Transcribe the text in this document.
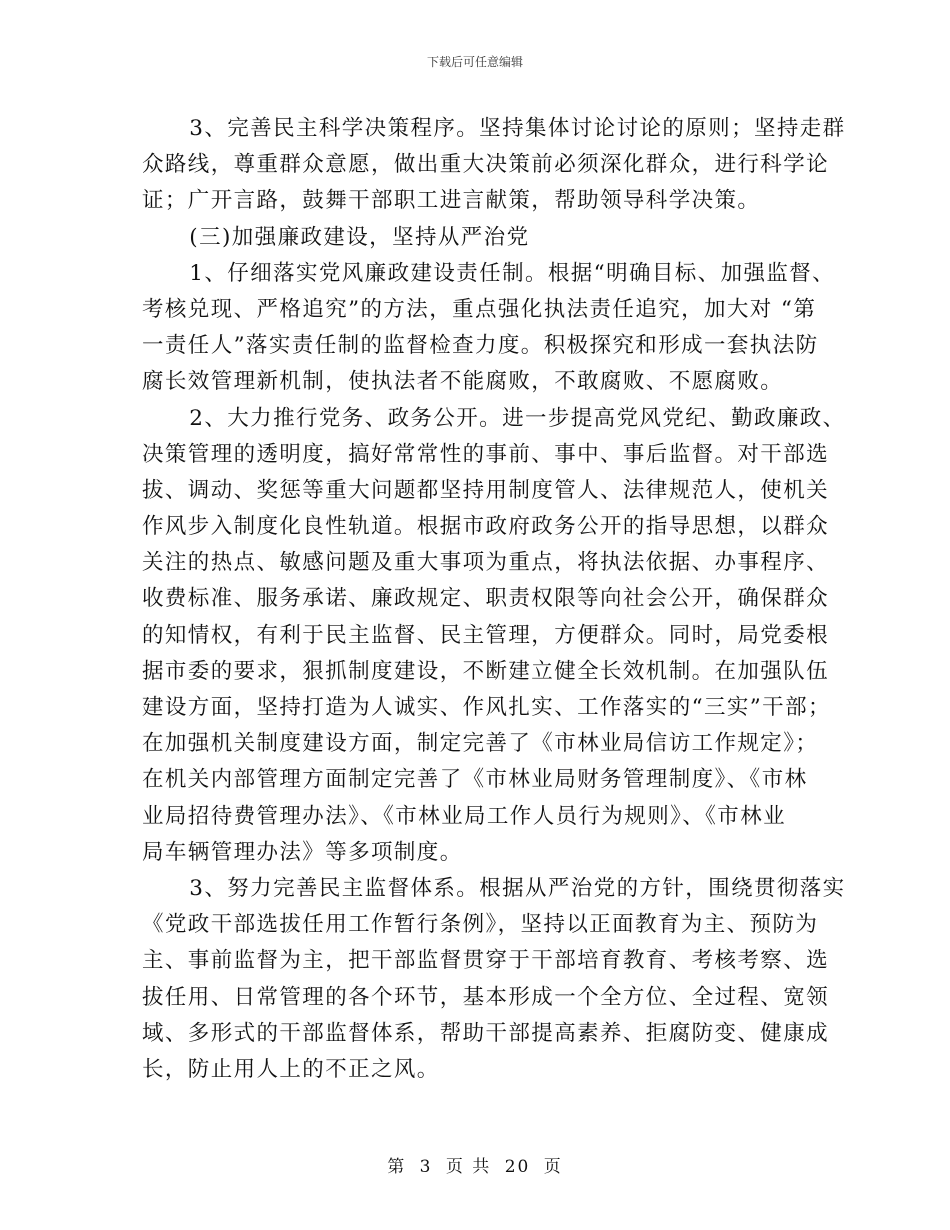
下载后可任意编辑
3、完善民主科学决策程序。坚持集体讨论讨论的原则；坚持走群
众路线，尊重群众意愿，做出重大决策前必须深化群众，进行科学论
证；广开言路，鼓舞干部职工进言献策，帮助领导科学决策。
(三)加强廉政建设，坚持从严治党
1、仔细落实党风廉政建设责任制。根据“明确目标、加强监督、
考核兑现、严格追究”的方法，重点强化执法责任追究，加大对 “第
一责任人”落实责任制的监督检查力度。积极探究和形成一套执法防
腐长效管理新机制，使执法者不能腐败，不敢腐败、不愿腐败。
2、大力推行党务、政务公开。进一步提高党风党纪、勤政廉政、
决策管理的透明度，搞好常常性的事前、事中、事后监督。对干部选
拔、调动、奖惩等重大问题都坚持用制度管人、法律规范人，使机关
作风步入制度化良性轨道。根据市政府政务公开的指导思想，以群众
关注的热点、敏感问题及重大事项为重点，将执法依据、办事程序、
收费标准、服务承诺、廉政规定、职责权限等向社会公开，确保群众
的知情权，有利于民主监督、民主管理，方便群众。同时，局党委根
据市委的要求，狠抓制度建设，不断建立健全长效机制。在加强队伍
建设方面，坚持打造为人诚实、作风扎实、工作落实的“三实”干部；
在加强机关制度建设方面，制定完善了《市林业局信访工作规定》；
在机关内部管理方面制定完善了《市林业局财务管理制度》、《市林
业局招待费管理办法》、《市林业局工作人员行为规则》、《市林业
局车辆管理办法》等多项制度。
3、努力完善民主监督体系。根据从严治党的方针，围绕贯彻落实
《党政干部选拔任用工作暂行条例》，坚持以正面教育为主、预防为
主、事前监督为主，把干部监督贯穿于干部培育教育、考核考察、选
拔任用、日常管理的各个环节，基本形成一个全方位、全过程、宽领
域、多形式的干部监督体系，帮助干部提高素养、拒腐防变、健康成
长，防止用人上的不正之风。
第 3 页 共 20 页
